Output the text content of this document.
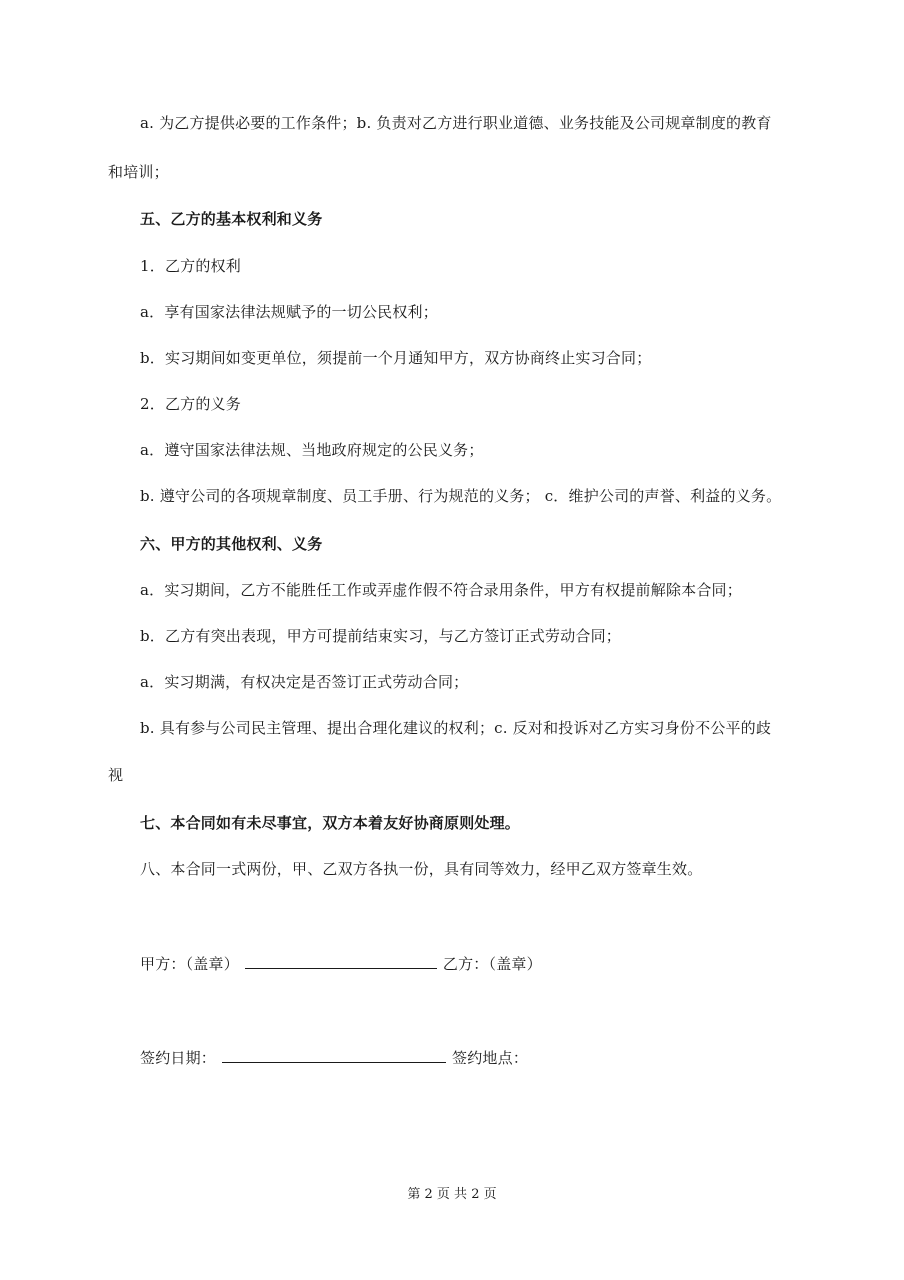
a. 为乙方提供必要的工作条件；b. 负责对乙方进行职业道德、业务技能及公司规章制度的教育
和培训；
五、乙方的基本权利和义务
1．乙方的权利
a．享有国家法律法规赋予的一切公民权利；
b．实习期间如变更单位，须提前一个月通知甲方，双方协商终止实习合同；
2．乙方的义务
a．遵守国家法律法规、当地政府规定的公民义务；
b. 遵守公司的各项规章制度、员工手册、行为规范的义务； c．维护公司的声誉、利益的义务。
六、甲方的其他权利、义务
a．实习期间，乙方不能胜任工作或弄虚作假不符合录用条件，甲方有权提前解除本合同；
b．乙方有突出表现，甲方可提前结束实习，与乙方签订正式劳动合同；
a．实习期满，有权决定是否签订正式劳动合同；
b. 具有参与公司民主管理、提出合理化建议的权利；c. 反对和投诉对乙方实习身份不公平的歧
视
七、本合同如有未尽事宜，双方本着友好协商原则处理。
八、本合同一式两份，甲、乙双方各执一份，具有同等效力，经甲乙双方签章生效。
甲方：（盖章）	乙方：（盖章）
签约日期：	签约地点：
第 2 页 共 2 页
